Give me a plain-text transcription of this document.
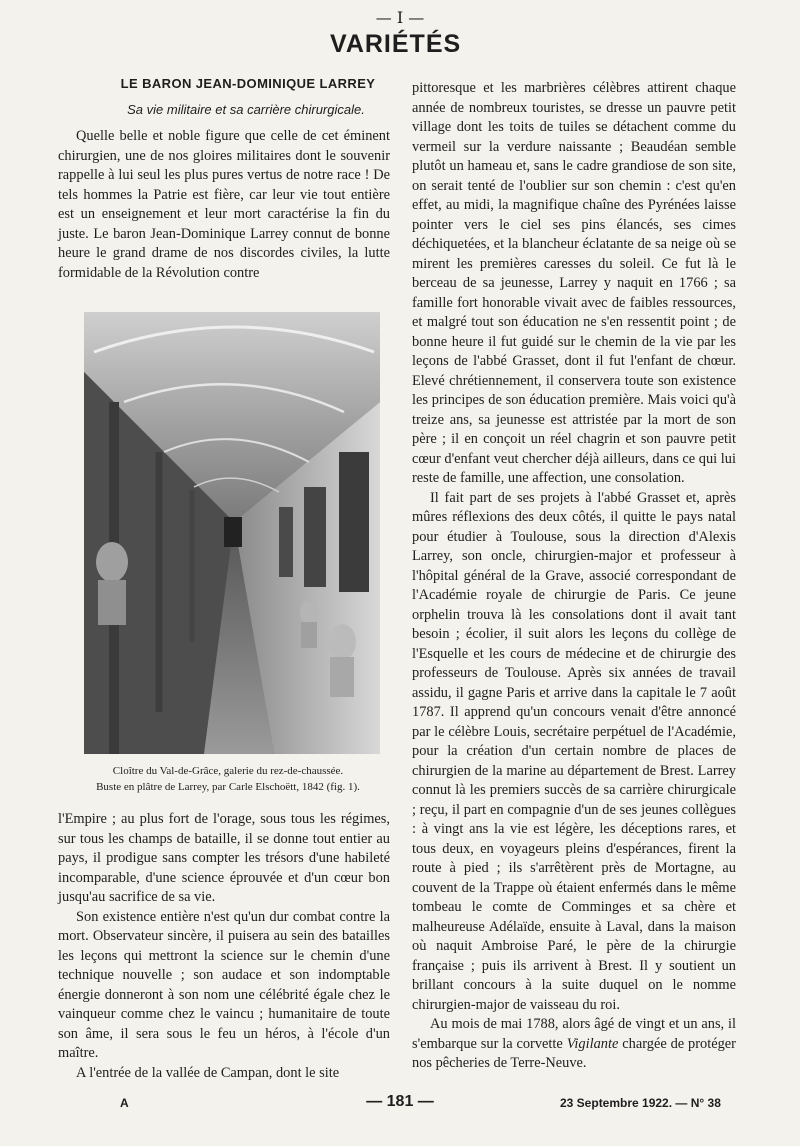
— I —
VARIÉTÉS
LE BARON JEAN-DOMINIQUE LARREY
Sa vie militaire et sa carrière chirurgicale.

Quelle belle et noble figure que celle de cet éminent chirurgien, une de nos gloires militaires dont le souvenir rappelle à lui seul les plus pures vertus de notre race ! De tels hommes la Patrie est fière, car leur vie tout entière est un enseignement et leur mort caractérise la fin du juste. Le baron Jean-Dominique Larrey connut de bonne heure le grand drame de nos discordes civiles, la lutte formidable de la Révolution contre

Cloître du Val-de-Grâce, galerie du rez-de-chaussée.
Buste en plâtre de Larrey, par Carle Elschoëtt, 1842 (fig. 1).

l'Empire ; au plus fort de l'orage, sous tous les régimes, sur tous les champs de bataille, il se donne tout entier au pays, il prodigue sans compter les trésors d'une habileté incomparable, d'une science éprouvée et d'un cœur bon jusqu'au sacrifice de sa vie.

Son existence entière n'est qu'un dur combat contre la mort. Observateur sincère, il puisera au sein des batailles les leçons qui mettront la science sur le chemin d'une technique nouvelle ; son audace et son indomptable énergie donneront à son nom une célébrité égale chez le vainqueur comme chez le vaincu ; humanitaire de toute son âme, il sera sous le feu un héros, à l'école d'un maître.

A l'entrée de la vallée de Campan, dont le site

pittoresque et les marbrières célèbres attirent chaque année de nombreux touristes, se dresse un pauvre petit village dont les toits de tuiles se détachent comme du vermeil sur la verdure naissante ; Beaudéan semble plutôt un hameau et, sans le cadre grandiose de son site, on serait tenté de l'oublier sur son chemin : c'est qu'en effet, au midi, la magnifique chaîne des Pyrénées laisse pointer vers le ciel ses pins élancés, ses cimes déchiquetées, et la blancheur éclatante de sa neige où se mirent les premières caresses du soleil. Ce fut là le berceau de sa jeunesse, Larrey y naquit en 1766 ; sa famille fort honorable vivait avec de faibles ressources, et malgré tout son éducation ne s'en ressentit point ; de bonne heure il fut guidé sur le chemin de la vie par les leçons de l'abbé Grasset, dont il fut l'enfant de chœur. Elevé chrétiennement, il conservera toute son existence les principes de son éducation première. Mais voici qu'à treize ans, sa jeunesse est attristée par la mort de son père ; il en conçoit un réel chagrin et son pauvre petit cœur d'enfant veut chercher déjà ailleurs, dans ce qui lui reste de famille, une affection, une consolation.

Il fait part de ses projets à l'abbé Grasset et, après mûres réflexions des deux côtés, il quitte le pays natal pour étudier à Toulouse, sous la direction d'Alexis Larrey, son oncle, chirurgien-major et professeur à l'hôpital général de la Grave, associé correspondant de l'Académie royale de chirurgie de Paris. Ce jeune orphelin trouva là les consolations dont il avait tant besoin ; écolier, il suit alors les leçons du collège de l'Esquelle et les cours de médecine et de chirurgie des professeurs de Toulouse. Après six années de travail assidu, il gagne Paris et arrive dans la capitale le 7 août 1787. Il apprend qu'un concours venait d'être annoncé par le célèbre Louis, secrétaire perpétuel de l'Académie, pour la création d'un certain nombre de places de chirurgien de la marine au département de Brest. Larrey connut là les premiers succès de sa carrière chirurgicale ; reçu, il part en compagnie d'un de ses jeunes collègues : à vingt ans la vie est légère, les déceptions rares, et tous deux, en voyageurs pleins d'espérances, firent la route à pied ; ils s'arrêtèrent près de Mortagne, au couvent de la Trappe où étaient enfermés dans le même tombeau le comte de Comminges et sa chère et malheureuse Adélaïde, ensuite à Laval, dans la maison où naquit Ambroise Paré, le père de la chirurgie française ; puis ils arrivent à Brest. Il y soutient un brillant concours à la suite duquel on le nomme chirurgien-major de vaisseau du roi.

Au mois de mai 1788, alors âgé de vingt et un ans, il s'embarque sur la corvette Vigilante chargée de protéger nos pêcheries de Terre-Neuve.

A	— 181 —	23 Septembre 1922. — N° 38
